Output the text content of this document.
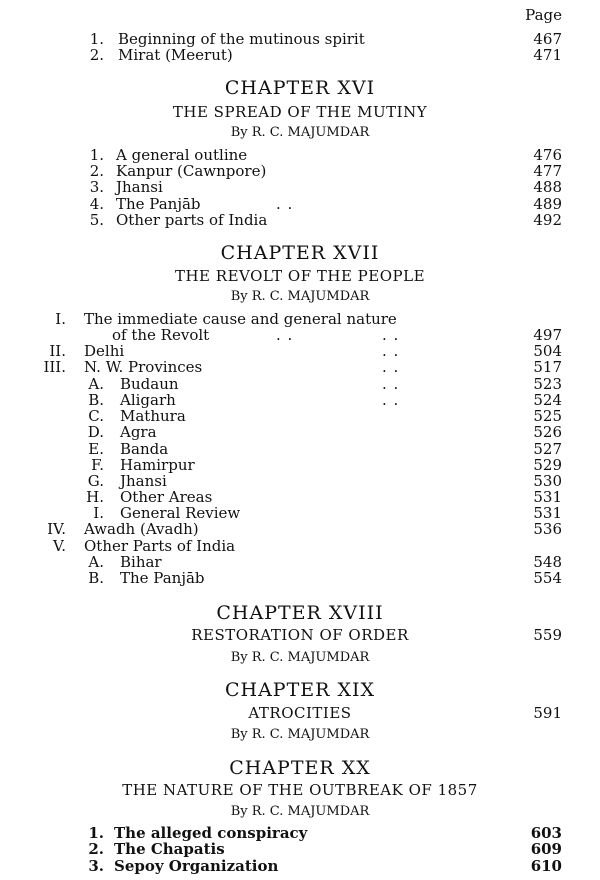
Page
1. Beginning of the mutinous spirit	467
2. Mirat (Meerut)	471
CHAPTER XVI
THE SPREAD OF THE MUTINY
By R. C. MAJUMDAR
1. A general outline	476
2. Kanpur (Cawnpore)	477
3. Jhansi	488
4. The Panjāb	. .	489
5. Other parts of India	492
CHAPTER XVII
THE REVOLT OF THE PEOPLE
By R. C. MAJUMDAR
I. The immediate cause and general nature
of the Revolt	. .	. .	497
II. Delhi	. .	504
III. N. W. Provinces	. .	517
A. Budaun	. .	523
B. Aligarh	. .	524
C. Mathura	525
D. Agra	526
E. Banda	527
F. Hamirpur	529
G. Jhansi	530
H. Other Areas	531
I. General Review	531
IV. Awadh (Avadh)	536
V. Other Parts of India
A. Bihar	548
B. The Panjāb	554
CHAPTER XVIII
RESTORATION OF ORDER	559
By R. C. MAJUMDAR
CHAPTER XIX
ATROCITIES	591
By R. C. MAJUMDAR
CHAPTER XX
THE NATURE OF THE OUTBREAK OF 1857
By R. C. MAJUMDAR
1. The alleged conspiracy	603
2. The Chapatis	609
3. Sepoy Organization	610
